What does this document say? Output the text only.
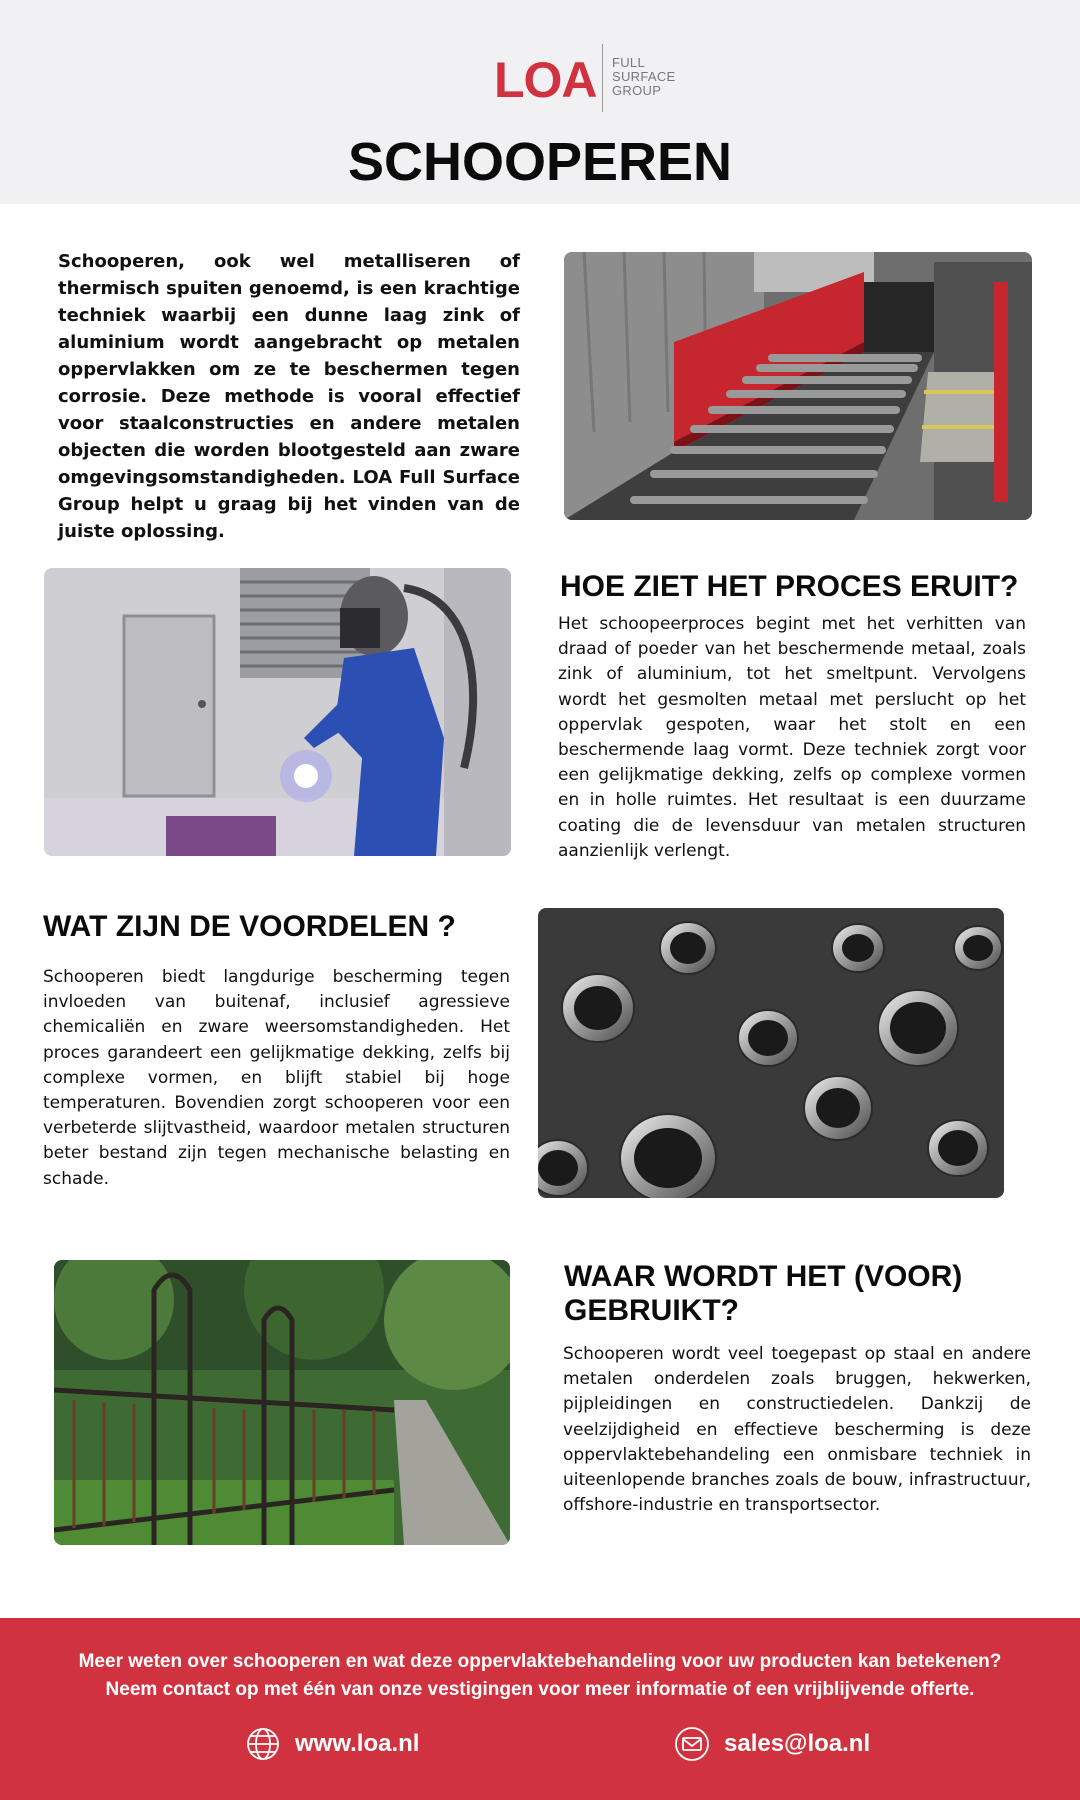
LOA FULL
SURFACE
GROUP
SCHOOPEREN

Schooperen, ook wel metalliseren of thermisch spuiten genoemd, is een krachtige techniek waarbij een dunne laag zink of aluminium wordt aangebracht op metalen oppervlakken om ze te beschermen tegen corrosie. Deze methode is vooral effectief voor staalconstructies en andere metalen objecten die worden blootgesteld aan zware omgevingsomstandigheden. LOA Full Surface Group helpt u graag bij het vinden van de juiste oplossing.

HOE ZIET HET PROCES ERUIT?

Het schoopeerproces begint met het verhitten van draad of poeder van het beschermende metaal, zoals zink of aluminium, tot het smeltpunt. Vervolgens wordt het gesmolten metaal met perslucht op het oppervlak gespoten, waar het stolt en een beschermende laag vormt. Deze techniek zorgt voor een gelijkmatige dekking, zelfs op complexe vormen en in holle ruimtes. Het resultaat is een duurzame coating die de levensduur van metalen structuren aanzienlijk verlengt.

WAT ZIJN DE VOORDELEN ?

Schooperen biedt langdurige bescherming tegen invloeden van buitenaf, inclusief agressieve chemicaliën en zware weersomstandigheden. Het proces garandeert een gelijkmatige dekking, zelfs bij complexe vormen, en blijft stabiel bij hoge temperaturen. Bovendien zorgt schooperen voor een verbeterde slijtvastheid, waardoor metalen structuren beter bestand zijn tegen mechanische belasting en schade.

WAAR WORDT HET (VOOR) GEBRUIKT?

Schooperen wordt veel toegepast op staal en andere metalen onderdelen zoals bruggen, hekwerken, pijpleidingen en constructiedelen. Dankzij de veelzijdigheid en effectieve bescherming is deze oppervlaktebehandeling een onmisbare techniek in uiteenlopende branches zoals de bouw, infrastructuur, offshore-industrie en transportsector.

Meer weten over schooperen en wat deze oppervlaktebehandeling voor uw producten kan betekenen?
Neem contact op met één van onze vestigingen voor meer informatie of een vrijblijvende offerte.

www.loa.nl	sales@loa.nl
